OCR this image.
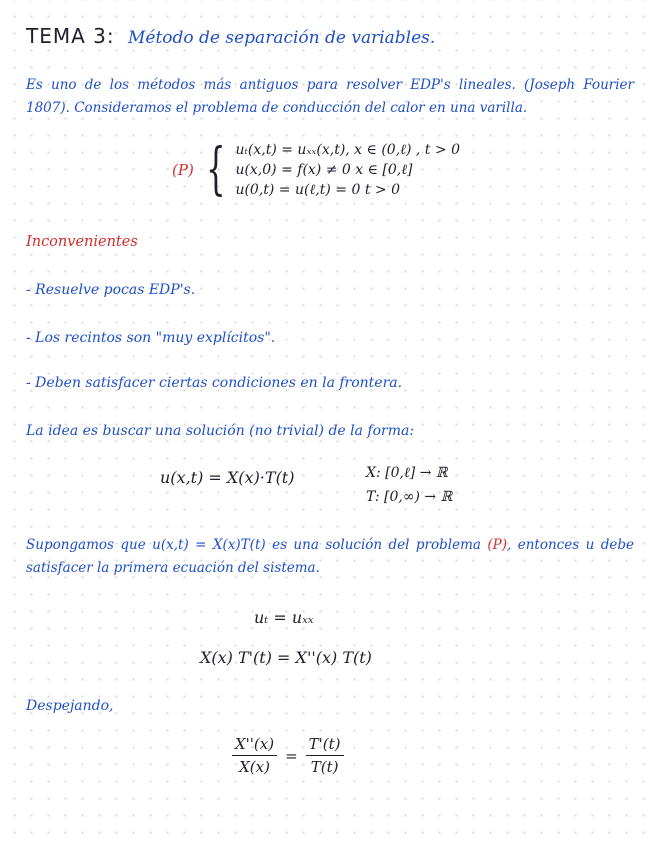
TEMA 3: Método de separación de variables.
Es uno de los métodos más antiguos para resolver EDP's lineales. (Joseph Fourier 1807). Consideramos el problema de conducción del calor en una varilla.
(P) { uₜ(x,t) = uₓₓ(x,t), x ∈ (0,ℓ) , t > 0
u(x,0) = f(x) ≠ 0 x ∈ [0,ℓ]
u(0,t) = u(ℓ,t) = 0 t > 0
Inconvenientes
- Resuelve pocas EDP's.
- Los recintos son "muy explícitos".
- Deben satisfacer ciertas condiciones en la frontera.
La idea es buscar una solución (no trivial) de la forma:
u(x,t) = X(x)·T(t)	X: [0,ℓ] → ℝ
T: [0,∞) → ℝ
Supongamos que u(x,t) = X(x)T(t) es una solución del problema (P), entonces u debe satisfacer la primera ecuación del sistema.
uₜ = uₓₓ
X(x) T'(t) = X''(x) T(t)
Despejando,
$\frac{X''(x)}{X(x)} = \frac{T'(t)}{T(t)}$
